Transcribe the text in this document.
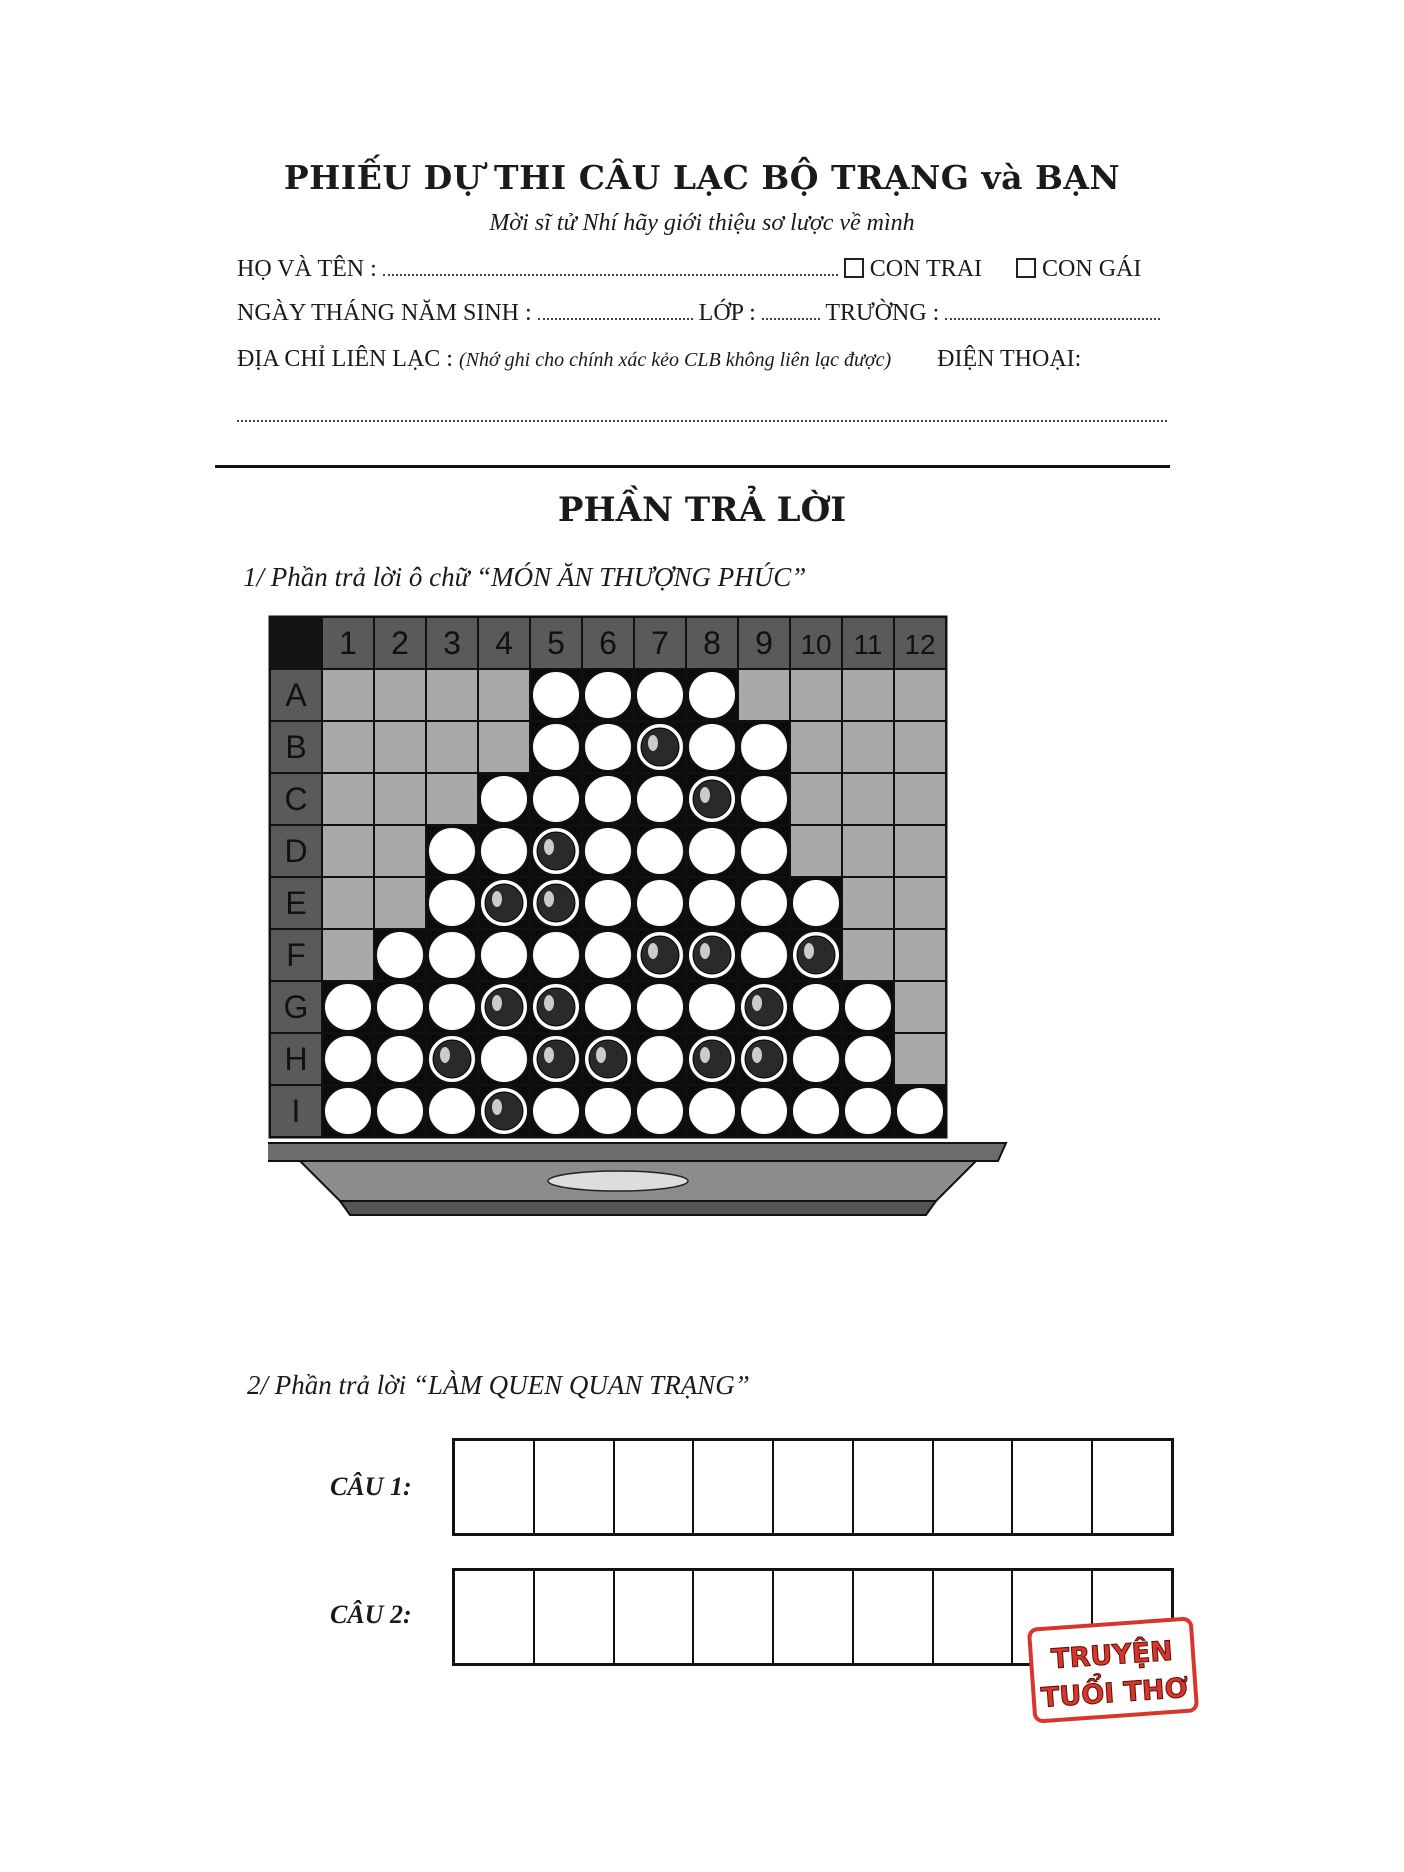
PHIẾU DỰ THI CÂU LẠC BỘ TRẠNG và BẠN
Mời sĩ tử Nhí hãy giới thiệu sơ lược về mình
HỌ VÀ TÊN :	CON TRAI	CON GÁI
NGÀY THÁNG NĂM SINH :	LỚP :	TRƯỜNG :
ĐỊA CHỈ LIÊN LẠC : (Nhớ ghi cho chính xác kẻo CLB không liên lạc được) ĐIỆN THOẠI:
PHẦN TRẢ LỜI
1/ Phần trả lời ô chữ “MÓN ĂN THƯỢNG PHÚC”
1 2 3 4 5 6 7 8 9 10 11 12
A
B
C
D
E
F
G
H
I
2/ Phần trả lời “LÀM QUEN QUAN TRẠNG”
CÂU 1:
CÂU 2:
TRUYỆN
TUỔI THƠ
